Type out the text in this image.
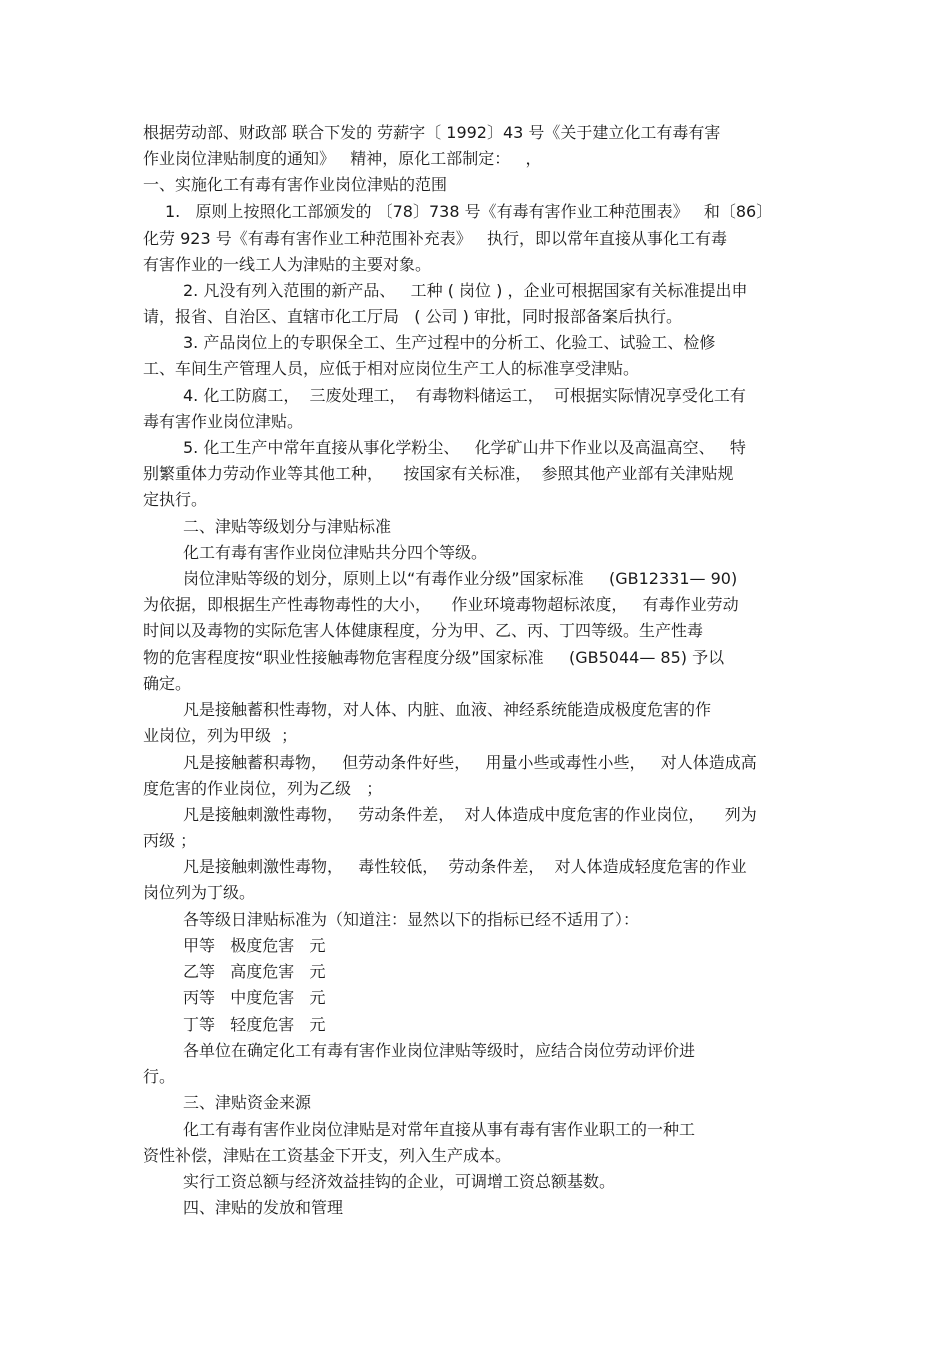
根据劳动部、财政部 联合下发的 劳薪字〔 1992〕43 号《关于建立化工有毒有害
作业岗位津贴制度的通知》   精神，原化工部制定：   ，
一、实施化工有毒有害作业岗位津贴的范围
1.   原则上按照化工部颁发的 〔78〕738 号《有毒有害作业工种范围表》   和〔86〕
化劳 923 号《有毒有害作业工种范围补充表》   执行，即以常年直接从事化工有毒
有害作业的一线工人为津贴的主要对象。
2. 凡没有列入范围的新产品、   工种 ( 岗位 ) ，企业可根据国家有关标准提出申
请，报省、自治区、直辖市化工厅局   ( 公司 ) 审批，同时报部备案后执行。
3. 产品岗位上的专职保全工、生产过程中的分析工、化验工、试验工、检修
工、车间生产管理人员，应低于相对应岗位生产工人的标准享受津贴。
4. 化工防腐工，  三废处理工，  有毒物料储运工，  可根据实际情况享受化工有
毒有害作业岗位津贴。
5. 化工生产中常年直接从事化学粉尘、   化学矿山井下作业以及高温高空、   特
别繁重体力劳动作业等其他工种，    按国家有关标准，  参照其他产业部有关津贴规
定执行。
二、津贴等级划分与津贴标准
化工有毒有害作业岗位津贴共分四个等级。
岗位津贴等级的划分，原则上以“有毒作业分级”国家标准     (GB12331— 90)
为依据，即根据生产性毒物毒性的大小，    作业环境毒物超标浓度，   有毒作业劳动
时间以及毒物的实际危害人体健康程度，分为甲、乙、丙、丁四等级。生产性毒
物的危害程度按“职业性接触毒物危害程度分级”国家标准     (GB5044— 85) 予以
确定。
凡是接触蓄积性毒物，对人体、内脏、血液、神经系统能造成极度危害的作
业岗位，列为甲级  ；
凡是接触蓄积毒物，   但劳动条件好些，   用量小些或毒性小些，   对人体造成高
度危害的作业岗位，列为乙级   ；
凡是接触刺激性毒物，   劳动条件差，  对人体造成中度危害的作业岗位，    列为
丙级 ；
凡是接触刺激性毒物，   毒性较低，  劳动条件差，  对人体造成轻度危害的作业
岗位列为丁级。
各等级日津贴标准为（知道注：显然以下的指标已经不适用了）：
甲等   极度危害   元
乙等   高度危害   元
丙等   中度危害   元
丁等   轻度危害   元
各单位在确定化工有毒有害作业岗位津贴等级时，应结合岗位劳动评价进
行。
三、津贴资金来源
化工有毒有害作业岗位津贴是对常年直接从事有毒有害作业职工的一种工
资性补偿，津贴在工资基金下开支，列入生产成本。
实行工资总额与经济效益挂钩的企业，可调增工资总额基数。
四、津贴的发放和管理
